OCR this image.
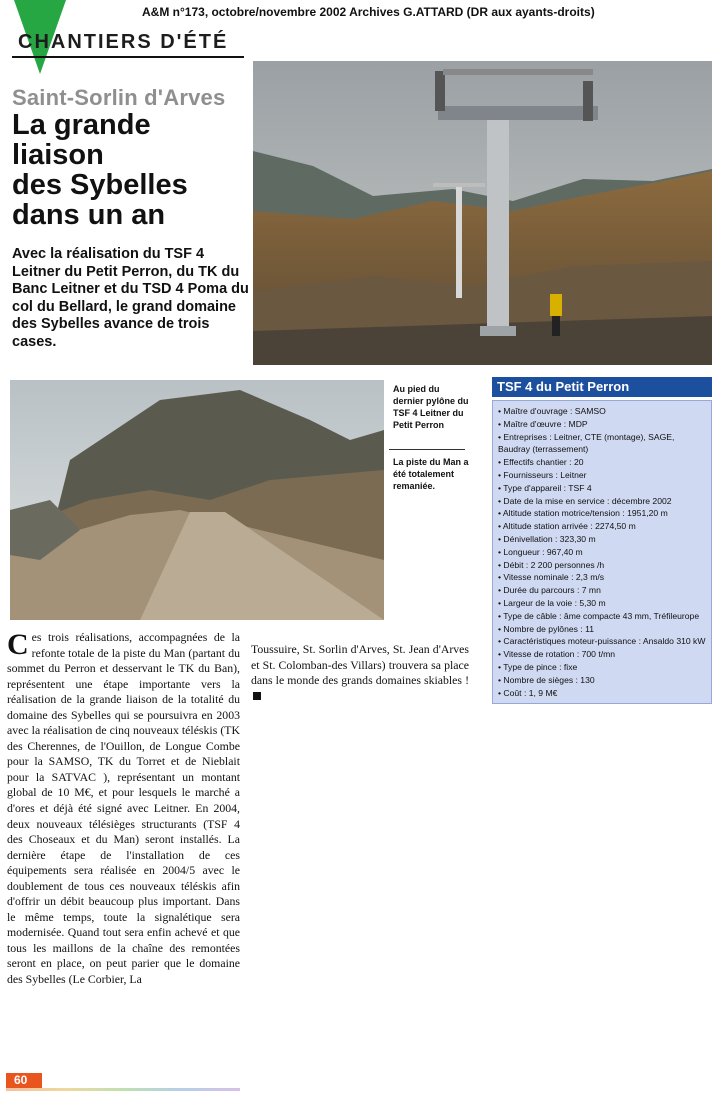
A&M n°173, octobre/novembre 2002 Archives G.ATTARD (DR aux ayants-droits)
CHANTIERS D'ÉTÉ
Saint-Sorlin d'Arves
La grande
liaison
des Sybelles
dans un an
Avec la réalisation du TSF 4 Leitner du Petit Perron, du TK du Banc Leitner et du TSD 4 Poma du col du Bellard, le grand domaine des Sybelles avance de trois cases.
Au pied du dernier pylône du TSF 4 Leitner du Petit Perron
La piste du Man a été totalement remaniée.
TSF 4 du Petit Perron
• Maître d'ouvrage : SAMSO
• Maître d'œuvre : MDP
• Entreprises : Leitner, CTE (montage), SAGE, Baudray (terrassement)
• Effectifs chantier : 20
• Fournisseurs : Leitner
• Type d'appareil : TSF 4
• Date de la mise en service : décembre 2002
• Altitude station motrice/tension : 1951,20 m
• Altitude station arrivée : 2274,50 m
• Dénivellation : 323,30 m
• Longueur : 967,40 m
• Débit : 2 200 personnes /h
• Vitesse nominale : 2,3 m/s
• Durée du parcours : 7 mn
• Largeur de la voie : 5,30 m
• Type de câble : âme compacte 43 mm, Tréfileurope
• Nombre de pylônes : 11
• Caractéristiques moteur-puissance : Ansaldo 310 kW
• Vitesse de rotation : 700 t/mn
• Type de pince : fixe
• Nombre de sièges : 130
• Coût : 1, 9 M€
Ces trois réalisations, accompagnées de la refonte totale de la piste du Man (partant du sommet du Perron et desservant le TK du Ban), représentent une étape importante vers la réalisation de la grande liaison de la totalité du domaine des Sybelles qui se poursuivra en 2003 avec la réalisation de cinq nouveaux téléskis (TK des Cherennes, de l'Ouillon, de Longue Combe pour la SAMSO, TK du Torret et de Nieblait pour la SATVAC ), représentant un montant global de 10 M€, et pour lesquels le marché a d'ores et déjà été signé avec Leitner. En 2004, deux nouveaux télésièges structurants (TSF 4 des Choseaux et du Man) seront installés. La dernière étape de l'installation de ces équipements sera réalisée en 2004/5 avec le doublement de tous ces nouveaux téléskis afin d'offrir un débit beaucoup plus important. Dans le même temps, toute la signalétique sera modernisée. Quand tout sera enfin achevé et que tous les maillons de la chaîne des remontées seront en place, on peut parier que le domaine des Sybelles (Le Corbier, La
Toussuire, St. Sorlin d'Arves, St. Jean d'Arves et St. Colomban-des Villars) trouvera sa place dans le monde des grands domaines skiables !
60
